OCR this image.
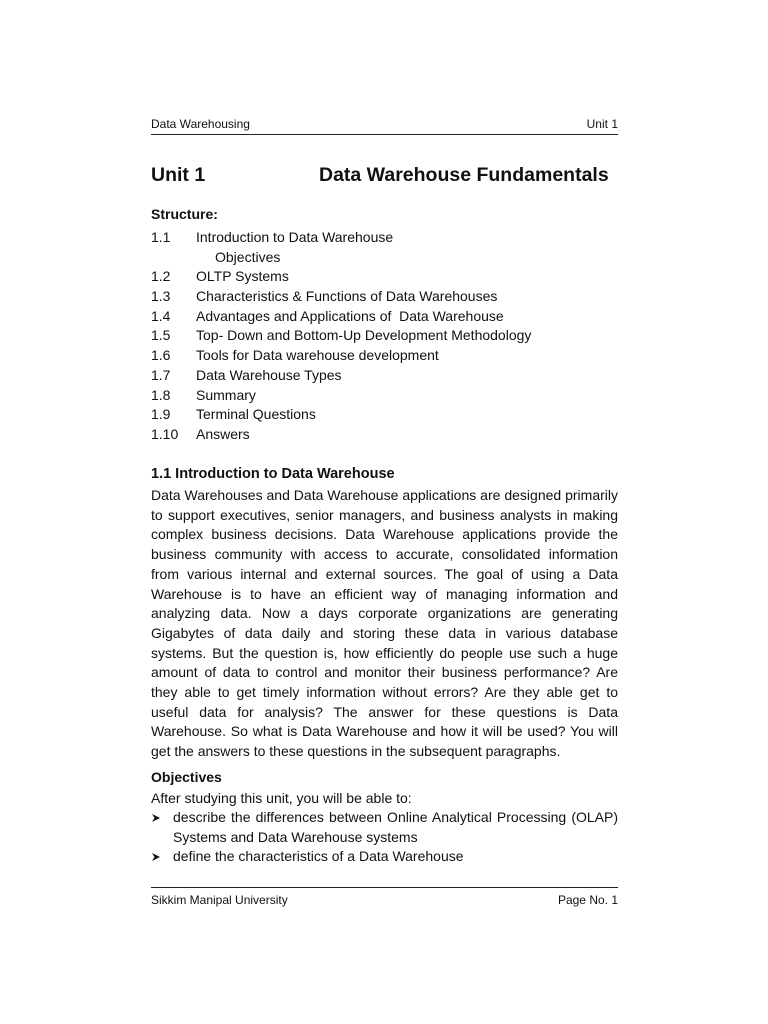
Data Warehousing	Unit 1
Unit 1	Data Warehouse Fundamentals
Structure:
1.1 Introduction to Data Warehouse
Objectives
1.2 OLTP Systems
1.3 Characteristics & Functions of Data Warehouses
1.4 Advantages and Applications of  Data Warehouse
1.5 Top- Down and Bottom-Up Development Methodology
1.6 Tools for Data warehouse development
1.7 Data Warehouse Types
1.8 Summary
1.9 Terminal Questions
1.10 Answers
1.1 Introduction to Data Warehouse

Data Warehouses and Data Warehouse applications are designed primarily to support executives, senior managers, and business analysts in making complex business decisions. Data Warehouse applications provide the business community with access to accurate, consolidated information from various internal and external sources. The goal of using a Data Warehouse is to have an efficient way of managing information and analyzing data. Now a days corporate organizations are generating Gigabytes of data daily and storing these data in various database systems. But the question is, how efficiently do people use such a huge amount of data to control and monitor their business performance? Are they able to get timely information without errors? Are they able get to useful data for analysis? The answer for these questions is Data Warehouse. So what is Data Warehouse and how it will be used? You will get the answers to these questions in the subsequent paragraphs.

Objectives
After studying this unit, you will be able to:
describe the differences between Online Analytical Processing (OLAP) Systems and Data Warehouse systems
define the characteristics of a Data Warehouse
Sikkim Manipal University	Page No. 1
